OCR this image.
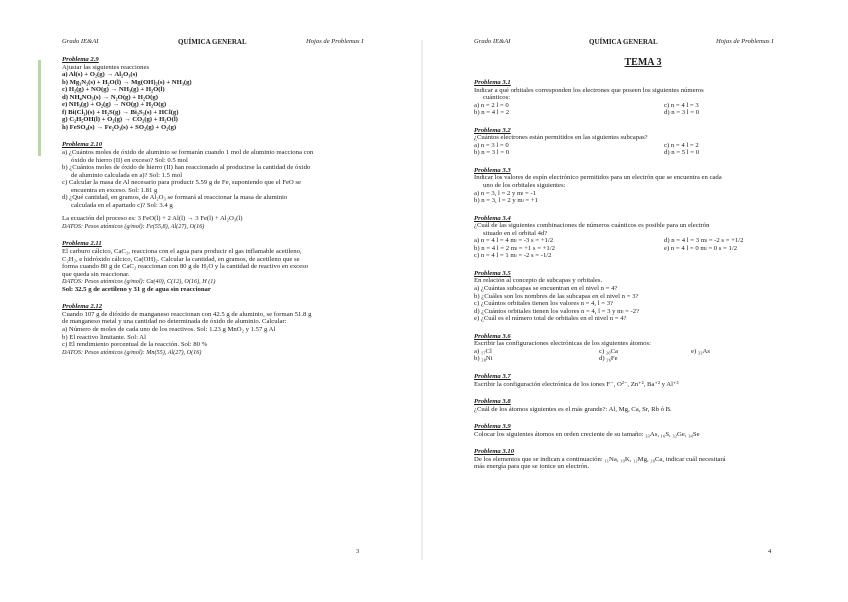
Grado IE&AI	QUÍMICA GENERAL	Hojas de Problemas I
Problema 2.9
Ajustar las siguientes reacciones
a) Al(s) + O₂(g) → Al₂O₃(s)
b) Mg₃N₂(s) + H₂O(l) → Mg(OH)₂(s) + NH₃(g)
c) H₂(g) + NO(g) → NH₃(g) + H₂O(l)
d) NH₄NO₃(s) → N₂O(g) + H₂O(g)
e) NH₃(g) + O₂(g) → NO(g) + H₂O(g)
f) Bi(Cl₃)(s) + H₂S(g) → Bi₂S₃(s) + HCl(g)
g) C₂H₅OH(l) + O₂(g) → CO₂(g) + H₂O(l)
h) FeSO₄(s) → Fe₂O₃(s) + SO₂(g) + O₂(g)
Problema 2.10
a) ¿Cuántos moles de óxido de aluminio se formarán cuando 1 mol de aluminio reacciona con
óxido de hierro (II) en exceso? Sol: 0.5 mol
b) ¿Cuántos moles de óxido de hierro (II) han reaccionado al producirse la cantidad de óxido
de aluminio calculada en a)? Sol: 1.5 mol
c) Calcular la masa de Al necesario para producir 5.59 g de Fe, suponiendo que el FeO se
encuentra en exceso. Sol: 1.81 g
d) ¿Qué cantidad, en gramos, de Al₂O₃ se formará al reaccionar la masa de aluminio
calculada en el apartado c)? Sol: 3.4 g
La ecuación del proceso es: 3 FeO(l) + 2 Al(l) → 3 Fe(l) + Al₂O₃(l)
DATOS: Pesos atómicos (g/mol): Fe(55,8), Al(27), O(16)
Problema 2.11
El carburo cálcico, CaC₂, reacciona con el agua para producir el gas inflamable acetileno,
C₂H₂, e hidróxido cálcico, Ca(OH)₂. Calcular la cantidad, en gramos, de acetileno que se
forma cuando 80 g de CaC₂ reaccionan con 80 g de H₂O y la cantidad de reactivo en exceso
que queda sin reaccionar.
DATOS: Pesos atómicos (g/mol): Ca(40), C(12), O(16), H (1)
Sol: 32.5 g de acetileno y 31 g de agua sin reaccionar
Problema 2.12
Cuando 107 g de dióxido de manganeso reaccionan con 42.5 g de aluminio, se forman 51.8 g
de manganeso metal y una cantidad no determinada de óxido de aluminio. Calcular:
a) Número de moles de cada uno de los reactivos. Sol: 1.23 g MnO₂ y 1.57 g Al
b) El reactivo limitante. Sol: Al
c) El rendimiento porcentual de la reacción. Sol: 80 %
DATOS: Pesos atómicos (g/mol): Mn(55), Al(27), O(16)
3
Grado IE&AI	QUÍMICA GENERAL	Hojas de Problemas I
TEMA 3
Problema 3.1
Indicar a qué orbitales corresponden los electrones que poseen los siguientes números
cuánticos:
a) n = 2 l = 0	c) n = 4 l = 3
b) n = 4 l = 2	d) n = 3 l = 0
Problema 3.2
¿Cuántos electrones están permitidos en las siguientes subcapas?
a) n = 3 l = 0	c) n = 4 l = 2
b) n = 3 l = 0	d) n = 5 l = 0
Problema 3.3
Indicar los valores de espín electrónico permitidos para un electrón que se encuentra en cada
uno de los orbitales siguientes:
a) n = 3, l = 2 y mₗ = -1
b) n = 3, l = 2 y mₗ = +1
Problema 3.4
¿Cuál de las siguientes combinaciones de números cuánticos es posible para un electrón
situado en el orbital 4d?
a) n = 4 l = 4 mₗ = -3 s = +1/2	d) n = 4 l = 3 mₗ = -2 s = +1/2
b) n = 4 l = 2 mₗ = +1 s = +1/2	e) n = 4 l = 0 mₗ = 0 s = 1/2
c) n = 4 l = 1 mₗ = -2 s = -1/2
Problema 3.5
En relación al concepto de subcapas y orbitales.
a) ¿Cuántas subcapas se encuentran en el nivel n = 4?
b) ¿Cuáles son los nombres de las subcapas en el nivel n = 3?
c) ¿Cuántos orbitales tienen los valores n = 4, l = 3?
d) ¿Cuántos orbitales tienen los valores n = 4, l = 3 y mₗ = -2?
e) ¿Cuál es el número total de orbitales en el nivel n = 4?
Problema 3.6
Escribir las configuraciones electrónicas de los siguientes átomos:
a) ₁₇Cl	c) ₂₀Ca	e) ₃₃As
b) ₂₈Ni	d) ₂₆Fe
Problema 3.7
Escribir la configuración electrónica de los iones F⁻, O²⁻, Zn⁺², Ba⁺² y Al⁺³
Problema 3.8
¿Cuál de los átomos siguientes es el más grande?: Al, Mg, Ca, Sr, Rb ó B.
Problema 3.9
Colocar los siguientes átomos en orden creciente de su tamaño: ₃₃As, ₁₆S, ₃₂Ge, ₃₄Se
Problema 3.10
De los elementos que se indican a continuación: ₁₁Na, ₁₉K, ₁₂Mg, ₂₀Ca, indicar cuál necesitará
más energía para que se ionice un electrón.
4
